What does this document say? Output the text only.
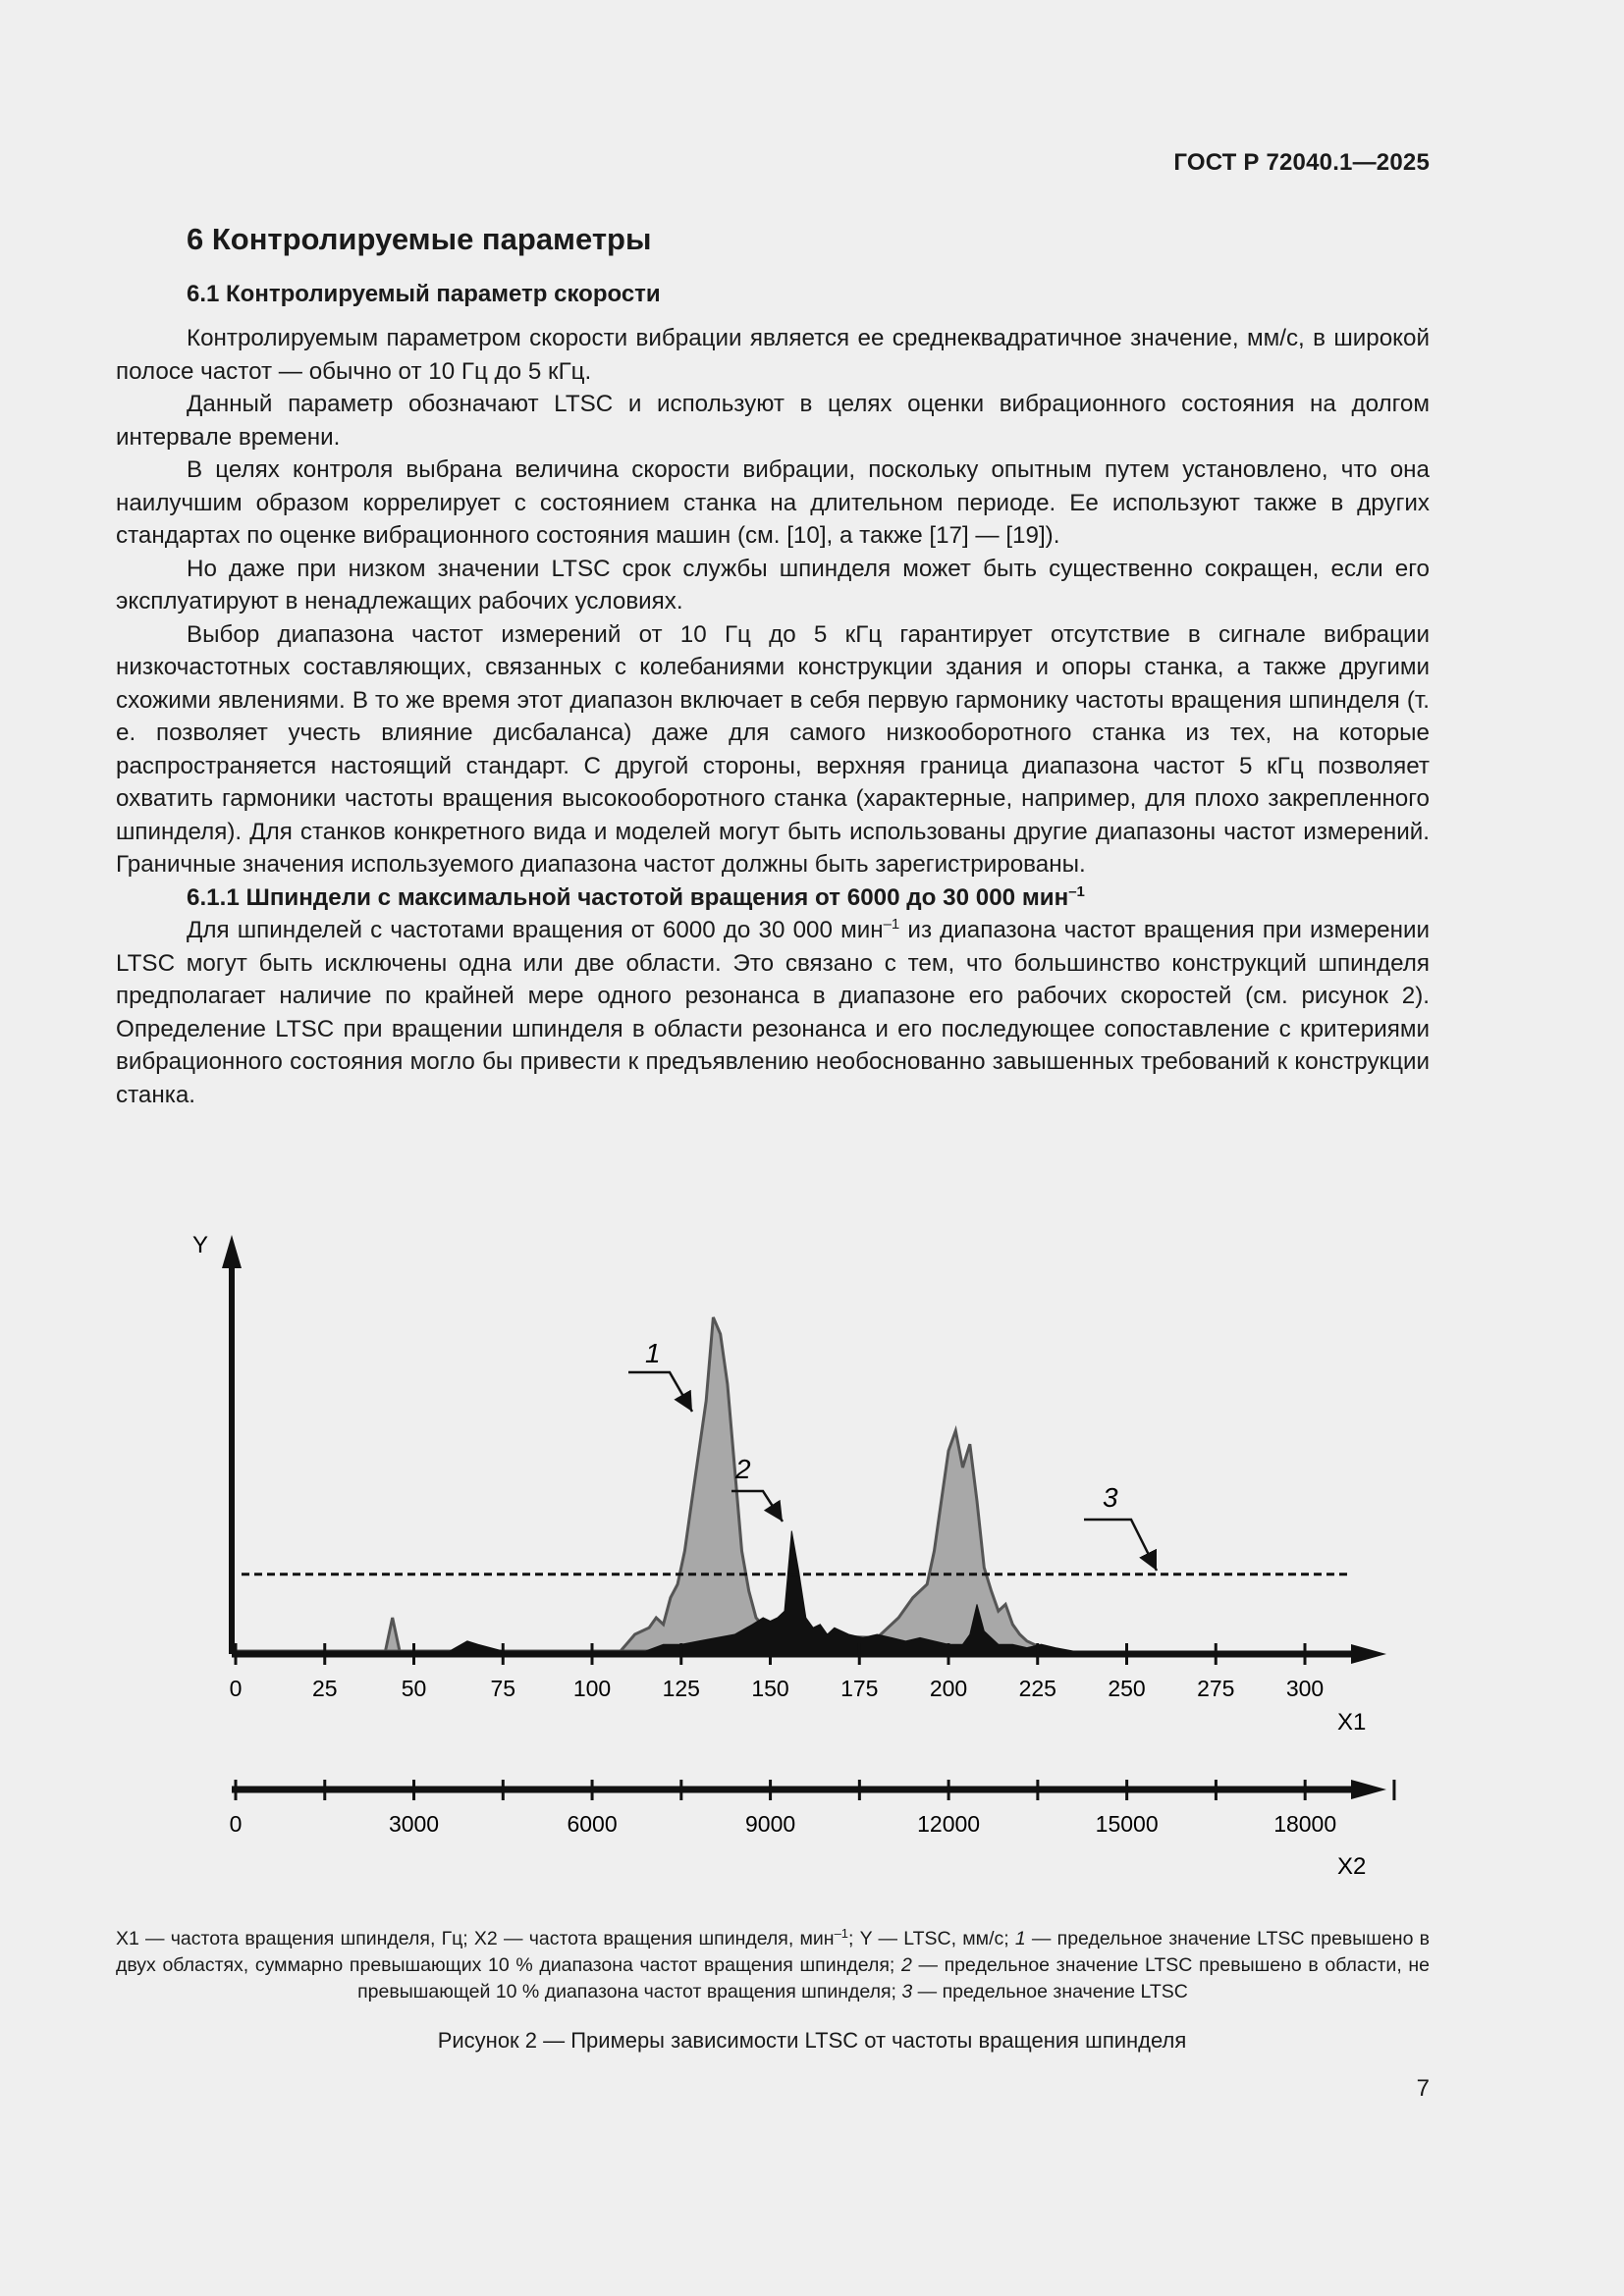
ГОСТ Р 72040.1—2025
6 Контролируемые параметры
6.1 Контролируемый параметр скорости

Контролируемым параметром скорости вибрации является ее среднеквадратичное значение, мм/с, в широкой полосе частот — обычно от 10 Гц до 5 кГц.

Данный параметр обозначают LTSC и используют в целях оценки вибрационного состояния на долгом интервале времени.

В целях контроля выбрана величина скорости вибрации, поскольку опытным путем установлено, что она наилучшим образом коррелирует с состоянием станка на длительном периоде. Ее используют также в других стандартах по оценке вибрационного состояния машин (см. [10], а также [17] — [19]).

Но даже при низком значении LTSC срок службы шпинделя может быть существенно сокращен, если его эксплуатируют в ненадлежащих рабочих условиях.

Выбор диапазона частот измерений от 10 Гц до 5 кГц гарантирует отсутствие в сигнале вибрации низкочастотных составляющих, связанных с колебаниями конструкции здания и опоры станка, а также другими схожими явлениями. В то же время этот диапазон включает в себя первую гармонику частоты вращения шпинделя (т. е. позволяет учесть влияние дисбаланса) даже для самого низкооборотного станка из тех, на которые распространяется настоящий стандарт. С другой стороны, верхняя граница диапазона частот 5 кГц позволяет охватить гармоники частоты вращения высокооборотного станка (характерные, например, для плохо закрепленного шпинделя). Для станков конкретного вида и моделей могут быть использованы другие диапазоны частот измерений. Граничные значения используемого диапазона частот должны быть зарегистрированы.

6.1.1 Шпиндели с максимальной частотой вращения от 6000 до 30 000 мин$^{-1}$

Для шпинделей с частотами вращения от 6000 до 30 000 мин$^{-1}$ из диапазона частот вращения при измерении LTSC могут быть исключены одна или две области. Это связано с тем, что большинство конструкций шпинделя предполагает наличие по крайней мере одного резонанса в диапазоне его рабочих скоростей (см. рисунок 2). Определение LTSC при вращении шпинделя в области резонанса и его последующее сопоставление с критериями вибрационного состояния могло бы привести к предъявлению необоснованно завышенных требований к конструкции станка.

Y
0	25	50	75	100 125 150 175 200 225 250 275 300
X1
0	3000	6000	9000	12000	15000	18000
X2
1
2
3
X1 — частота вращения шпинделя, Гц; X2 — частота вращения шпинделя, мин$^{-1}$; Y — LTSC, мм/с; 1 — предельное значение LTSC превышено в двух областях, суммарно превышающих 10 % диапазона частот вращения шпинделя; 2 — предельное значение LTSC превышено в области, не превышающей 10 % диапазона частот вращения шпинделя; 3 — предельное значение LTSC
Рисунок 2 — Примеры зависимости LTSC от частоты вращения шпинделя
7
